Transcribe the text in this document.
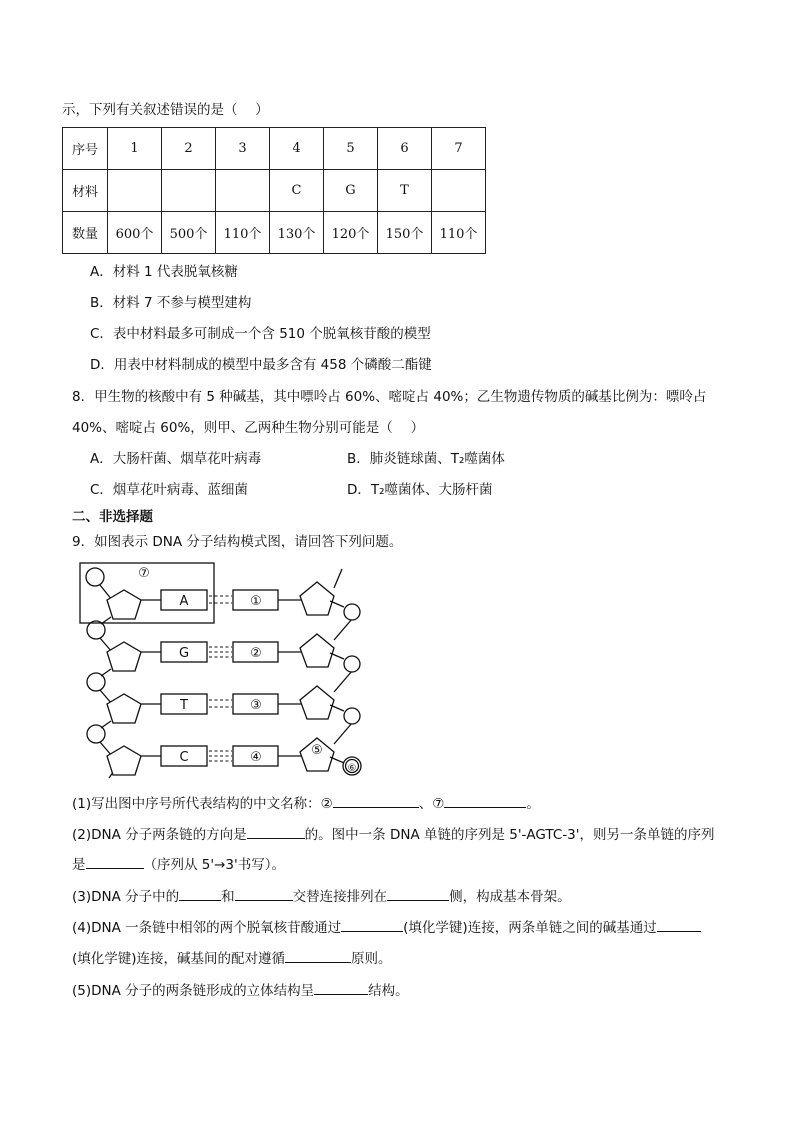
示，下列有关叙述错误的是（　 ）
序号	1	2	3	4	5	6	7
材料				C	G	T	
数量	600个	500个	110个	130个	120个	150个	110个
A．材料 1 代表脱氧核糖
B．材料 7 不参与模型建构
C．表中材料最多可制成一个含 510 个脱氧核苷酸的模型
D．用表中材料制成的模型中最多含有 458 个磷酸二酯键
8．甲生物的核酸中有 5 种碱基，其中嘌呤占 60%、嘧啶占 40%；乙生物遗传物质的碱基比例为：嘌呤占
40%、嘧啶占 60%，则甲、乙两种生物分别可能是（　 ）
A．大肠杆菌、烟草花叶病毒	B．肺炎链球菌、T₂噬菌体
C．烟草花叶病毒、蓝细菌	D．T₂噬菌体、大肠杆菌
二、非选择题
9．如图表示 DNA 分子结构模式图，请回答下列问题。
⑦
A
G
T
C
①
②
③
④	⑤
⑥
(1)写出图中序号所代表结构的中文名称：②	、⑦	。
(2)DNA 分子两条链的方向是	的。图中一条 DNA 单链的序列是 5'-AGTC-3'，则另一条单链的序列
是	（序列从 5'→3'书写）。
(3)DNA 分子中的	和	交替连接排列在	侧，构成基本骨架。
(4)DNA 一条链中相邻的两个脱氧核苷酸通过	(填化学键)连接，两条单链之间的碱基通过
(填化学键)连接，碱基间的配对遵循	原则。
(5)DNA 分子的两条链形成的立体结构呈	结构。
